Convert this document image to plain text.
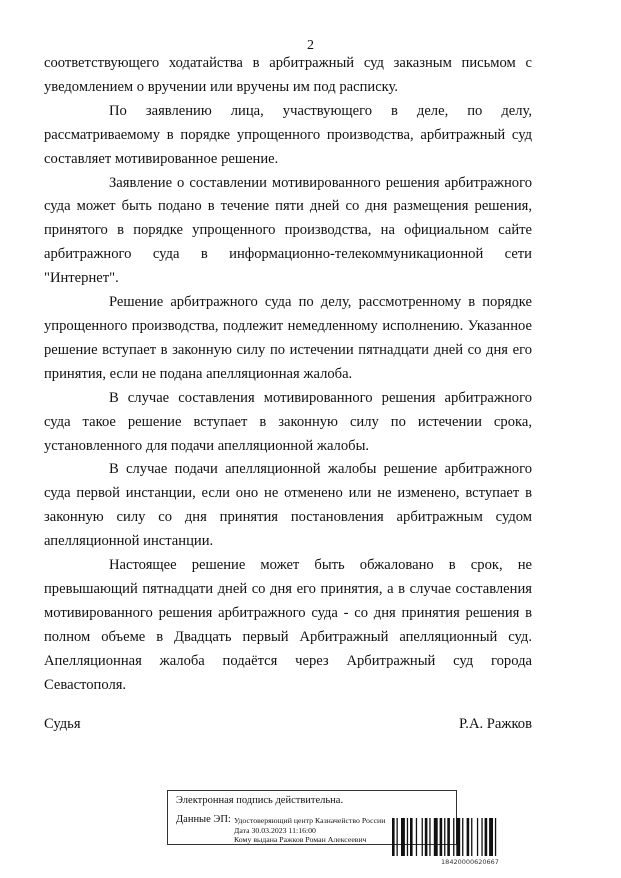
2

соответствующего ходатайства в арбитражный суд заказным письмом с уведомлением о вручении или вручены им под расписку.

По заявлению лица, участвующего в деле, по делу, рассматриваемому в порядке упрощенного производства, арбитражный суд составляет мотивированное решение.

Заявление о составлении мотивированного решения арбитражного суда может быть подано в течение пяти дней со дня размещения решения, принятого в порядке упрощенного производства, на официальном сайте арбитражного суда в информационно-телекоммуникационной сети "Интернет".

Решение арбитражного суда по делу, рассмотренному в порядке упрощенного производства, подлежит немедленному исполнению. Указанное решение вступает в законную силу по истечении пятнадцати дней со дня его принятия, если не подана апелляционная жалоба.

В случае составления мотивированного решения арбитражного суда такое решение вступает в законную силу по истечении срока, установленного для подачи апелляционной жалобы.

В случае подачи апелляционной жалобы решение арбитражного суда первой инстанции, если оно не отменено или не изменено, вступает в законную силу со дня принятия постановления арбитражным судом апелляционной инстанции.

Настоящее решение может быть обжаловано в срок, не превышающий пятнадцати дней со дня его принятия, а в случае составления мотивированного решения арбитражного суда - со дня принятия решения в полном объеме в Двадцать первый Арбитражный апелляционный суд. Апелляционная жалоба подаётся через Арбитражный суд города Севастополя.

Судья	Р.А. Ражков
Электронная подпись действительна.
Данные ЭП: Удостоверяющий центр Казначейство России
Дата 30.03.2023 11:16:00
Кому выдана Ражков Роман Алексеевич
18420000620667
